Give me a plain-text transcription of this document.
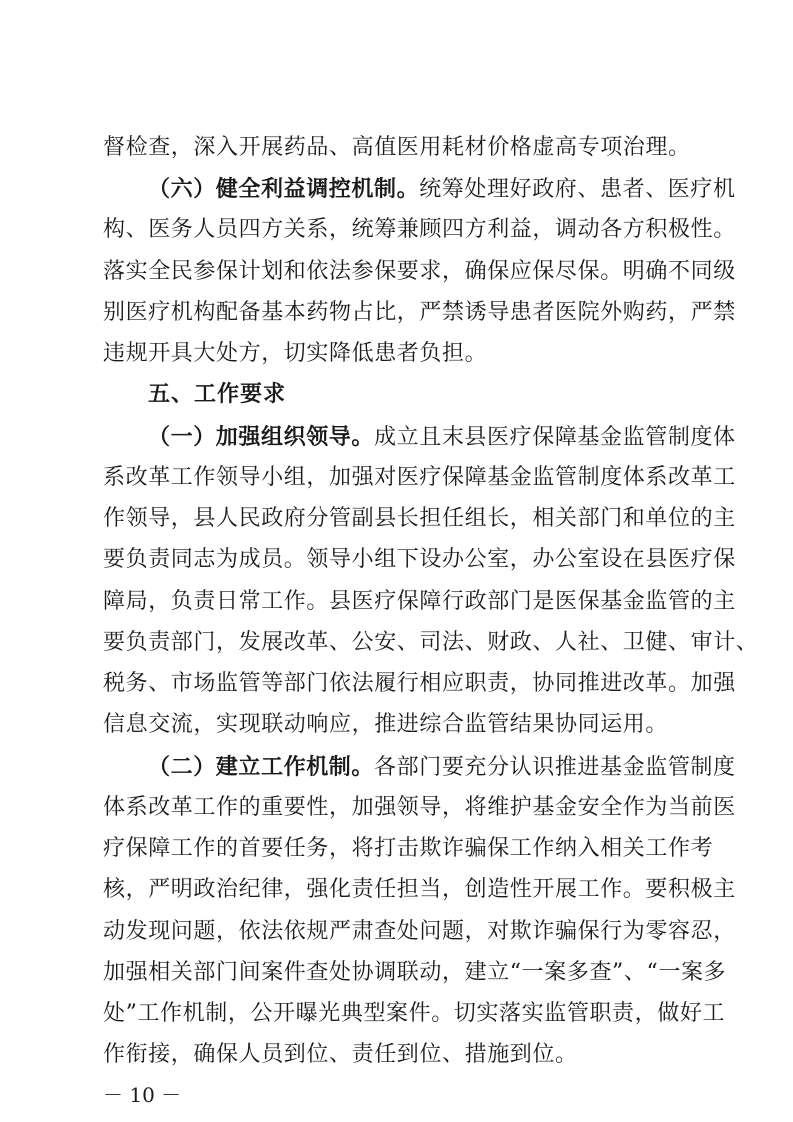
督检查，深入开展药品、高值医用耗材价格虚高专项治理。
（六）健全利益调控机制。统筹处理好政府、患者、医疗机
构、医务人员四方关系，统筹兼顾四方利益，调动各方积极性。
落实全民参保计划和依法参保要求，确保应保尽保。明确不同级
别医疗机构配备基本药物占比，严禁诱导患者医院外购药，严禁
违规开具大处方，切实降低患者负担。
五、工作要求
（一）加强组织领导。成立且末县医疗保障基金监管制度体
系改革工作领导小组，加强对医疗保障基金监管制度体系改革工
作领导，县人民政府分管副县长担任组长，相关部门和单位的主
要负责同志为成员。领导小组下设办公室，办公室设在县医疗保
障局，负责日常工作。县医疗保障行政部门是医保基金监管的主
要负责部门，发展改革、公安、司法、财政、人社、卫健、审计、
税务、市场监管等部门依法履行相应职责，协同推进改革。加强
信息交流，实现联动响应，推进综合监管结果协同运用。
（二）建立工作机制。各部门要充分认识推进基金监管制度
体系改革工作的重要性，加强领导，将维护基金安全作为当前医
疗保障工作的首要任务，将打击欺诈骗保工作纳入相关工作考
核，严明政治纪律，强化责任担当，创造性开展工作。要积极主
动发现问题，依法依规严肃查处问题，对欺诈骗保行为零容忍，
加强相关部门间案件查处协调联动，建立“一案多查”、“一案多
处”工作机制，公开曝光典型案件。切实落实监管职责，做好工
作衔接，确保人员到位、责任到位、措施到位。
－ 10 －
